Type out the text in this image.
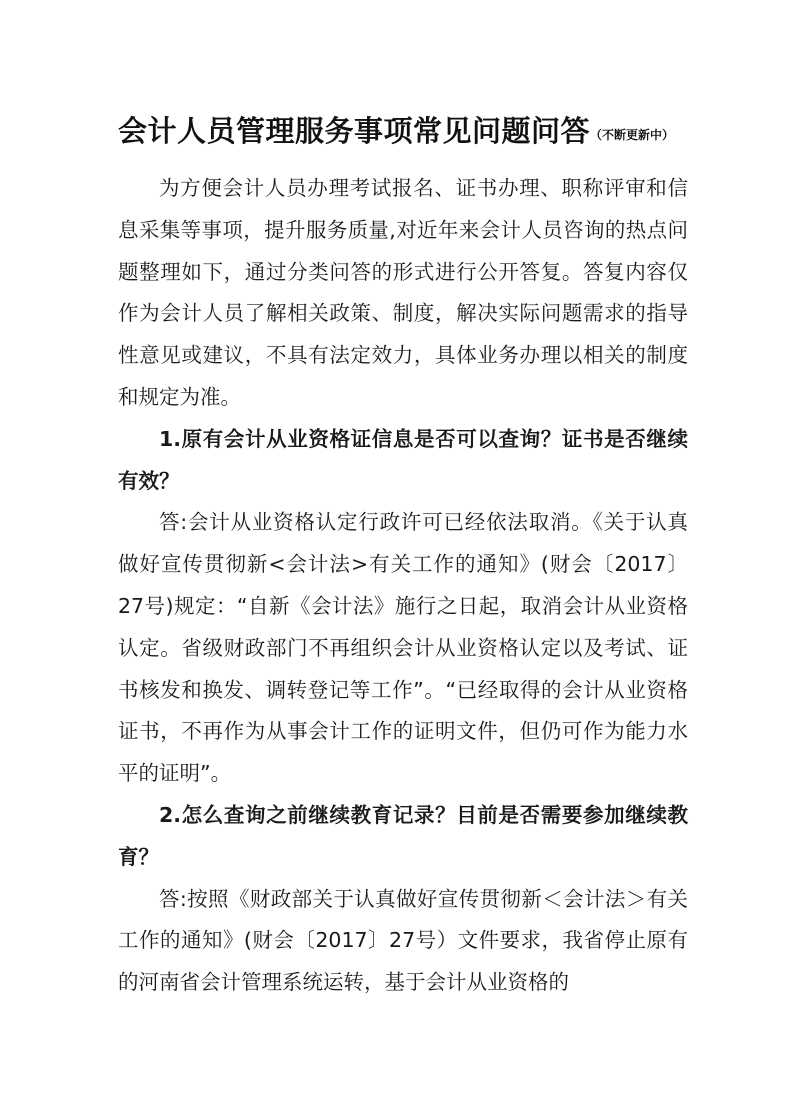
会计人员管理服务事项常见问题问答（不断更新中）

为方便会计人员办理考试报名、证书办理、职称评审和信息采集等事项，提升服务质量,对近年来会计人员咨询的热点问题整理如下，通过分类问答的形式进行公开答复。答复内容仅作为会计人员了解相关政策、制度，解决实际问题需求的指导性意见或建议，不具有法定效力，具体业务办理以相关的制度和规定为准。

1.原有会计从业资格证信息是否可以查询？证书是否继续有效？

答:会计从业资格认定行政许可已经依法取消。《关于认真做好宣传贯彻新<会计法>有关工作的通知》(财会〔2017〕27号)规定：“自新《会计法》施行之日起，取消会计从业资格认定。省级财政部门不再组织会计从业资格认定以及考试、证书核发和换发、调转登记等工作”。“已经取得的会计从业资格证书，不再作为从事会计工作的证明文件，但仍可作为能力水平的证明”。

2.怎么查询之前继续教育记录？目前是否需要参加继续教育？

答:按照《财政部关于认真做好宣传贯彻新＜会计法＞有关工作的通知》(财会〔2017〕27号）文件要求，我省停止原有的河南省会计管理系统运转，基于会计从业资格的
